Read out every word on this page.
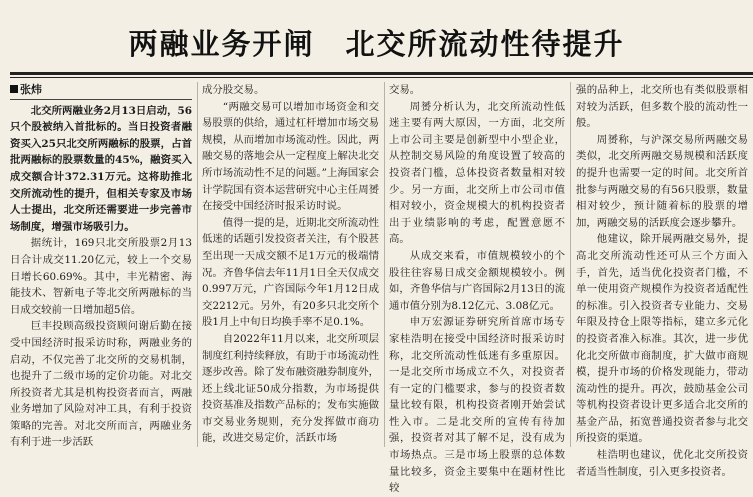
两融业务开闸　北交所流动性待提升
张炜

北交所两融业务2月13日启动，56只个股被纳入首批标的。当日投资者融资买入25只北交所两融标的股票，占首批两融标的股票数量的45%，融资买入成交额合计372.31万元。这将助推北交所流动性的提升，但相关专家及市场人士提出，北交所还需要进一步完善市场制度，增强市场吸引力。

据统计，169只北交所股票2月13日合计成交11.20亿元，较上一个交易日增长60.69%。其中，丰光精密、海能技术、智新电子等北交所两融标的当日成交较前一日增加超5倍。

巨丰投顾高级投资顾问谢后勤在接受中国经济时报采访时称，两融业务的启动，不仅完善了北交所的交易机制，也提升了二级市场的定价功能。对北交所投资者尤其是机构投资者而言，两融业务增加了风险对冲工具，有利于投资策略的完善。对北交所而言，两融业务有利于进一步活跃

成分股交易。

“两融交易可以增加市场资金和交易股票的供给，通过杠杆增加市场交易规模，从而增加市场流动性。因此，两融交易的落地会从一定程度上解决北交所市场流动性不足的问题。”上海国家会计学院国有资本运营研究中心主任周赟在接受中国经济时报采访时说。

值得一提的是，近期北交所流动性低迷的话题引发投资者关注，有个股甚至出现一天成交额不足1万元的极端情况。齐鲁华信去年11月1日全天仅成交0.997万元，广咨国际今年1月12日成交2212元。另外，有20多只北交所个股1月上中旬日均换手率不足0.1%。

自2022年11月以来，北交所项层制度红利持续释放，有助于市场流动性逐步改善。除了发布融资融券制度外，还上线北证50成分指数，为市场提供投资基准及指数产品标的；发布实施做市交易业务规则，充分发挥做市商功能，改进交易定价，活跃市场

交易。

周赟分析认为，北交所流动性低迷主要有两大原因，一方面，北交所上市公司主要是创新型中小型企业，从控制交易风险的角度设置了较高的投资者门槛，总体投资者数量相对较少。另一方面，北交所上市公司市值相对较小，资金规模大的机构投资者出于业绩影响的考虑，配置意愿不高。

从成交来看，市值规模较小的个股往往容易日成交金额规模较小。例如，齐鲁华信与广咨国际2月13日的流通市值分别为8.12亿元、3.08亿元。

申万宏源证券研究所首席市场专家桂浩明在接受中国经济时报采访时称，北交所流动性低迷有多重原因。一是北交所市场成立不久，对投资者有一定的门槛要求，参与的投资者数量比较有限，机构投资者刚开始尝试性入市。二是北交所的宣传有待加强，投资者对其了解不足，没有成为市场热点。三是市场上股票的总体数量比较多，资金主要集中在题材性比较

强的品种上，北交所也有类似股票相对较为活跃，但多数个股的流动性一般。

周赟称，与沪深交易所两融交易类似，北交所两融交易规模和活跃度的提升也需要一定的时间。北交所首批参与两融交易的有56只股票，数量相对较少，预计随着标的股票的增加，两融交易的活跃度会逐步攀升。

他建议，除开展两融交易外，提高北交所流动性还可从三个方面入手，首先，适当优化投资者门槛，不单一使用资产规模作为投资者适配性的标准。引入投资者专业能力、交易年限及持仓上限等指标，建立多元化的投资者准入标准。其次，进一步优化北交所做市商制度，扩大做市商规模，提升市场的价格发现能力，带动流动性的提升。再次，鼓励基金公司等机构投资者设计更多适合北交所的基金产品，拓宽普通投资者参与北交所投资的渠道。

桂浩明也建议，优化北交所投资者适当性制度，引入更多投资者。
